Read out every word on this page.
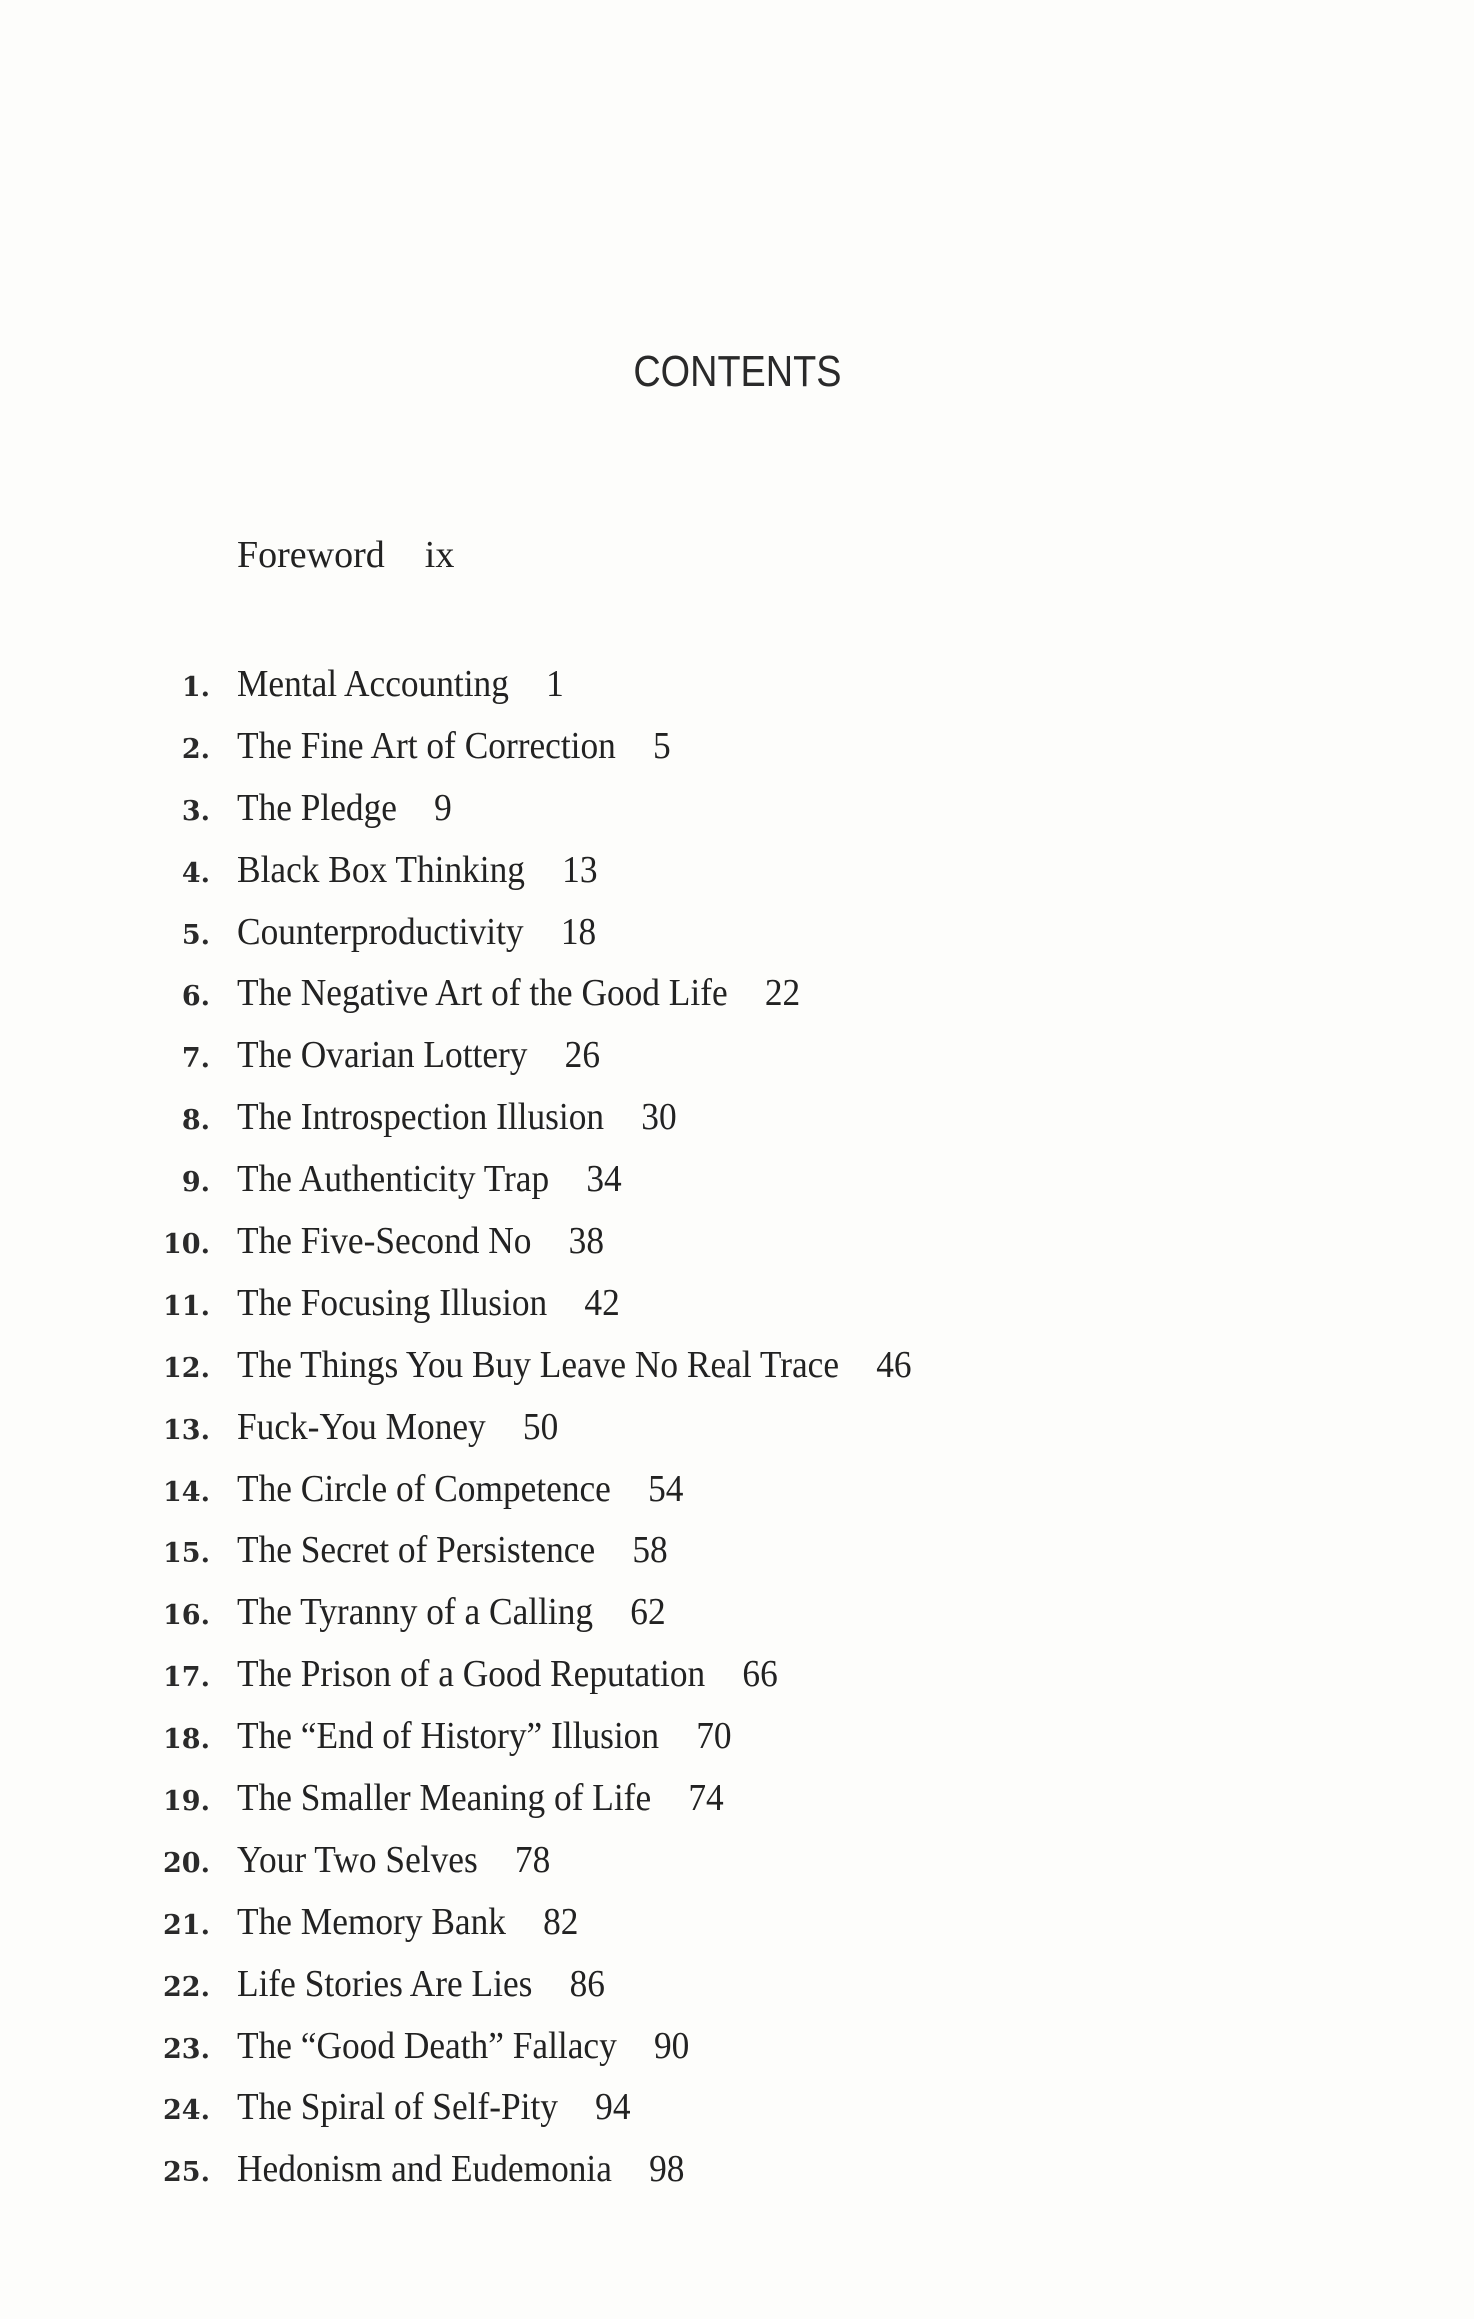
CONTENTS
Foreword ix
1. Mental Accounting 1
2. The Fine Art of Correction 5
3. The Pledge 9
4. Black Box Thinking 13
5. Counterproductivity 18
6. The Negative Art of the Good Life 22
7. The Ovarian Lottery 26
8. The Introspection Illusion 30
9. The Authenticity Trap 34
10. The Five-Second No 38
11. The Focusing Illusion 42
12. The Things You Buy Leave No Real Trace 46
13. Fuck-You Money 50
14. The Circle of Competence 54
15. The Secret of Persistence 58
16. The Tyranny of a Calling 62
17. The Prison of a Good Reputation 66
18. The “End of History” Illusion 70
19. The Smaller Meaning of Life 74
20. Your Two Selves 78
21. The Memory Bank 82
22. Life Stories Are Lies 86
23. The “Good Death” Fallacy 90
24. The Spiral of Self-Pity 94
25. Hedonism and Eudemonia 98
